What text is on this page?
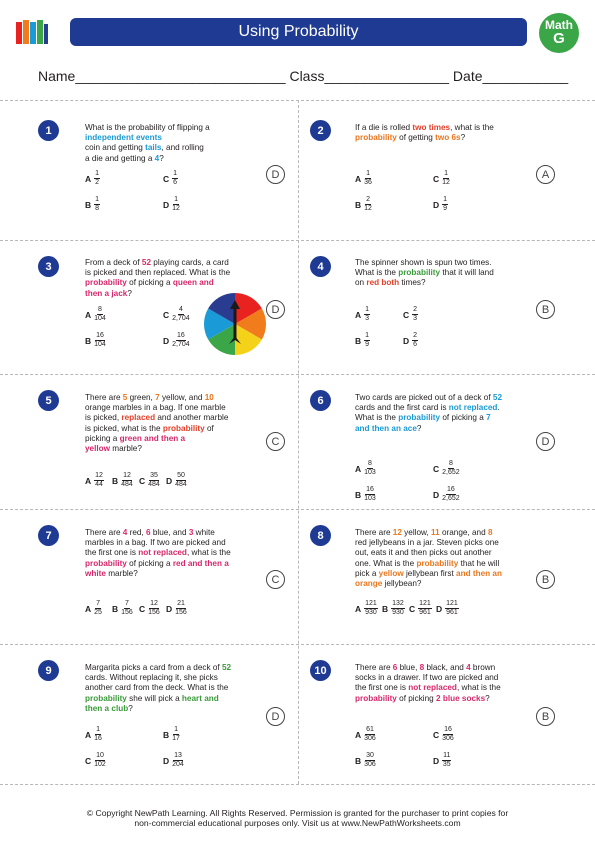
Using Probability	Math
G
Name___________________________ Class________________ Date___________
1	What is the probability of flipping a independent events
coin and getting tails, and rolling
a die and getting a 4?
2	If a die is rolled two times, what is the
probability of getting two 6s?
3	From a deck of 52 playing cards, a card
is picked and then replaced. What is the
probability of picking a queen and
then a jack?
4	The spinner shown is spun two times.
What is the probability that it will land
on red both times?
5	There are 5 green, 7 yellow, and 10
orange marbles in a bag. If one marble
is picked, replaced and another marble
is picked, what is the probability of
picking a green and then a
yellow marble?
6	Two cards are picked out of a deck of 52
cards and the first card is not replaced.
What is the probability of picking a 7
and then an ace?
7	There are 4 red, 6 blue, and 3 white
marbles in a bag. If two are picked and
the first one is not replaced, what is the
probability of picking a red and then a
white marble?
8	There are 12 yellow, 11 orange, and 8
red jellybeans in a jar. Steven picks one
out, eats it and then picks out another
one. What is the probability that he will
pick a yellow jellybean first and then an
orange jellybean?
9	Margarita picks a card from a deck of 52
cards. Without replacing it, she picks
another card from the deck. What is the
probability she will pick a heart and
then a club?
10	There are 6 blue, 8 black, and 4 brown
socks in a drawer. If two are picked and
the first one is not replaced, what is the
probability of picking 2 blue socks?
A $\frac{1}{2}$	C $\frac{1}{6}$
B $\frac{1}{8}$	D $\frac{1}{12}$
A $\frac{1}{36}$	C $\frac{1}{12}$
B $\frac{2}{12}$	D $\frac{1}{9}$
A $\frac{8}{104}$	C $\frac{4}{2,704}$
B $\frac{16}{104}$	D $\frac{16}{2,704}$
A $\frac{1}{3}$	C $\frac{2}{3}$
B $\frac{1}{9}$	D $\frac{2}{6}$
A $\frac{12}{44}$ B $\frac{12}{484}$ C $\frac{35}{484}$ D $\frac{50}{484}$
A $\frac{8}{103}$	C $\frac{8}{2,652}$
B $\frac{16}{103}$	D $\frac{16}{2,652}$
A $\frac{7}{25}$ B $\frac{7}{156}$ C $\frac{12}{156}$ D $\frac{21}{156}$	A $\frac{121}{930}$ B $\frac{132}{930}$ C $\frac{121}{961}$ D $\frac{121}{961}$
A $\frac{1}{16}$	B $\frac{1}{17}$
C $\frac{10}{102}$	D $\frac{13}{204}$
A $\frac{61}{306}$	C $\frac{16}{306}$
B $\frac{30}{306}$	D $\frac{11}{35}$
© Copyright NewPath Learning. All Rights Reserved. Permission is granted for the purchaser to print copies for
non-commercial educational purposes only. Visit us at www.NewPathWorksheets.com
D	A
D	B
C	D
C	B
D	B
